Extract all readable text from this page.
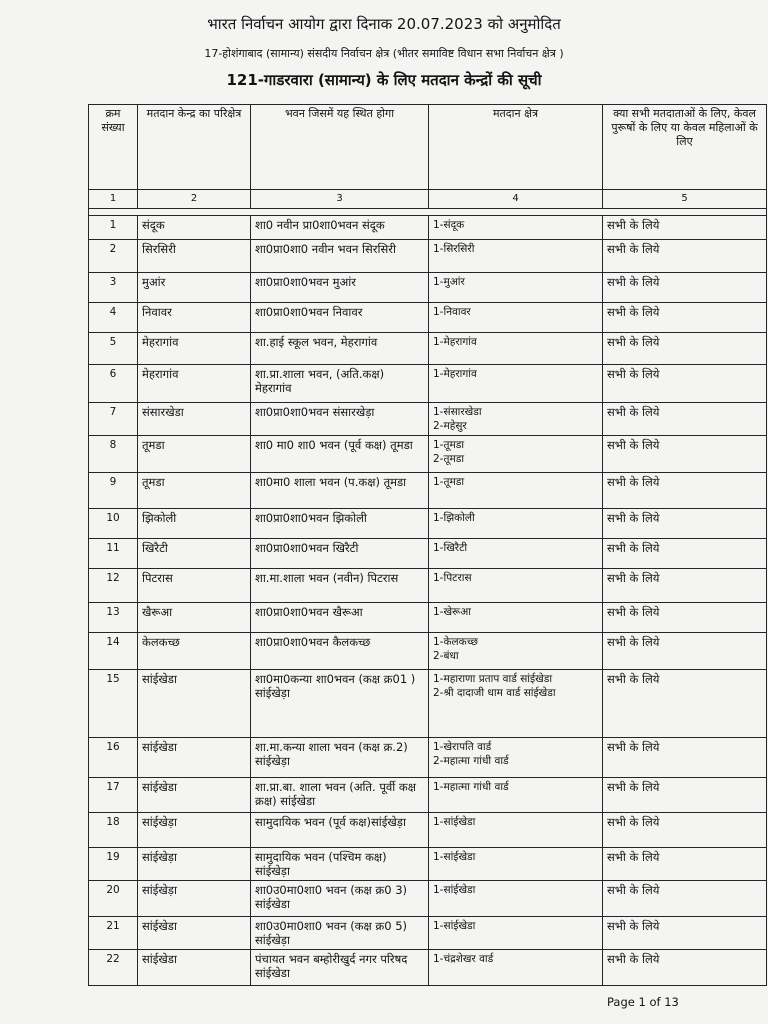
भारत निर्वाचन आयोग द्वारा दिनाक 20.07.2023 को अनुमोदित
17-होशंगाबाद (सामान्य) संसदीय निर्वाचन क्षेत्र (भीतर समाविष्ट विधान सभा निर्वाचन क्षेत्र )
121-गाडरवारा (सामान्य) के लिए मतदान केन्द्रों की सूची
क्रम संख्या	मतदान केन्द्र का परिक्षेत्र	भवन जिसमें यह स्थित होगा	मतदान क्षेत्र	क्या सभी मतदाताओं के लिए, केवल पुरूषों के लिए या केवल महिलाओं के लिए
1	2	3	4	5

1	संदूक	शा0 नवीन प्रा0शा0भवन संदूक	1-संदूक	सभी के लिये
2	सिरसिरी	शा0प्रा0शा0 नवीन भवन सिरसिरी	1-सिरसिरी	सभी के लिये
3	मुआंर	शा0प्रा0शा0भवन मुआंर	1-मुआंर	सभी के लिये
4	निवावर	शा0प्रा0शा0भवन निवावर	1-निवावर	सभी के लिये
5	मेहरागांव	शा.हाई स्कूल भवन, मेहरागांव	1-मेहरागांव	सभी के लिये
6	मेहरागांव	शा.प्रा.शाला भवन, (अति.कक्ष) मेहरागांव	1-मेहरागांव	सभी के लिये
7	संसारखेडा	शा0प्रा0शा0भवन संसारखेड़ा	1-संसारखेडा
2-महेसुर	सभी के लिये
8	तूमडा	शा0 मा0 शा0 भवन (पूर्व कक्ष) तूमडा	1-तूमडा
2-तूमडा	सभी के लिये
9	तूमडा	शा0मा0 शाला भवन (प.कक्ष) तूमडा	1-तूमडा	सभी के लिये
10	झिकोली	शा0प्रा0शा0भवन झिकोली	1-झिकोली	सभी के लिये
11	खिरैटी	शा0प्रा0शा0भवन खिरैटी	1-खिरैटी	सभी के लिये
12	पिटरास	शा.मा.शाला भवन (नवीन) पिटरास	1-पिटरास	सभी के लिये
13	खैरूआ	शा0प्रा0शा0भवन खैरूआ	1-खेरूआ	सभी के लिये
14	केलकच्छ	शा0प्रा0शा0भवन कैलकच्छ	1-केलकच्छ
2-बंधा	सभी के लिये
15	सांईखेडा	शा0मा0कन्या शा0भवन (कक्ष क्र01 ) सांईखेड़ा	1-महाराणा प्रताप वार्ड सांईखेडा
2-श्री दादाजी धाम वार्ड सांईखेडा	सभी के लिये
16	सांईखेडा	शा.मा.कन्या शाला भवन (कक्ष क्र.2) सांईखेड़ा	1-खेरापति वार्ड
2-महात्मा गांधी वार्ड	सभी के लिये
17	सांईखेडा	शा.प्रा.बा. शाला भवन (अति. पूर्वी कक्ष क्रक्ष) सांईखेडा	1-महात्मा गांधी वार्ड	सभी के लिये
18	सांईखेड़ा	सामुदायिक भवन (पूर्व कक्ष)सांईखेड़ा	1-सांईखेडा	सभी के लिये
19	सांईखेड़ा	सामुदायिक भवन (पश्चिम कक्ष) सांईखेड़ा	1-सांईखेडा	सभी के लिये
20	सांईखेड़ा	शा0उ0मा0शा0 भवन (कक्ष क्र0 3) सांईखेडा	1-सांईखेडा	सभी के लिये
21	सांईखेडा	शा0उ0मा0शा0 भवन (कक्ष क्र0 5) सांईखेड़ा	1-सांईखेडा	सभी के लिये
22	सांईखेडा	पंचायत भवन बम्होरीखुर्द नगर परिषद सांईखेडा	1-चंद्रशेखर वार्ड	सभी के लिये
Page 1 of 13
